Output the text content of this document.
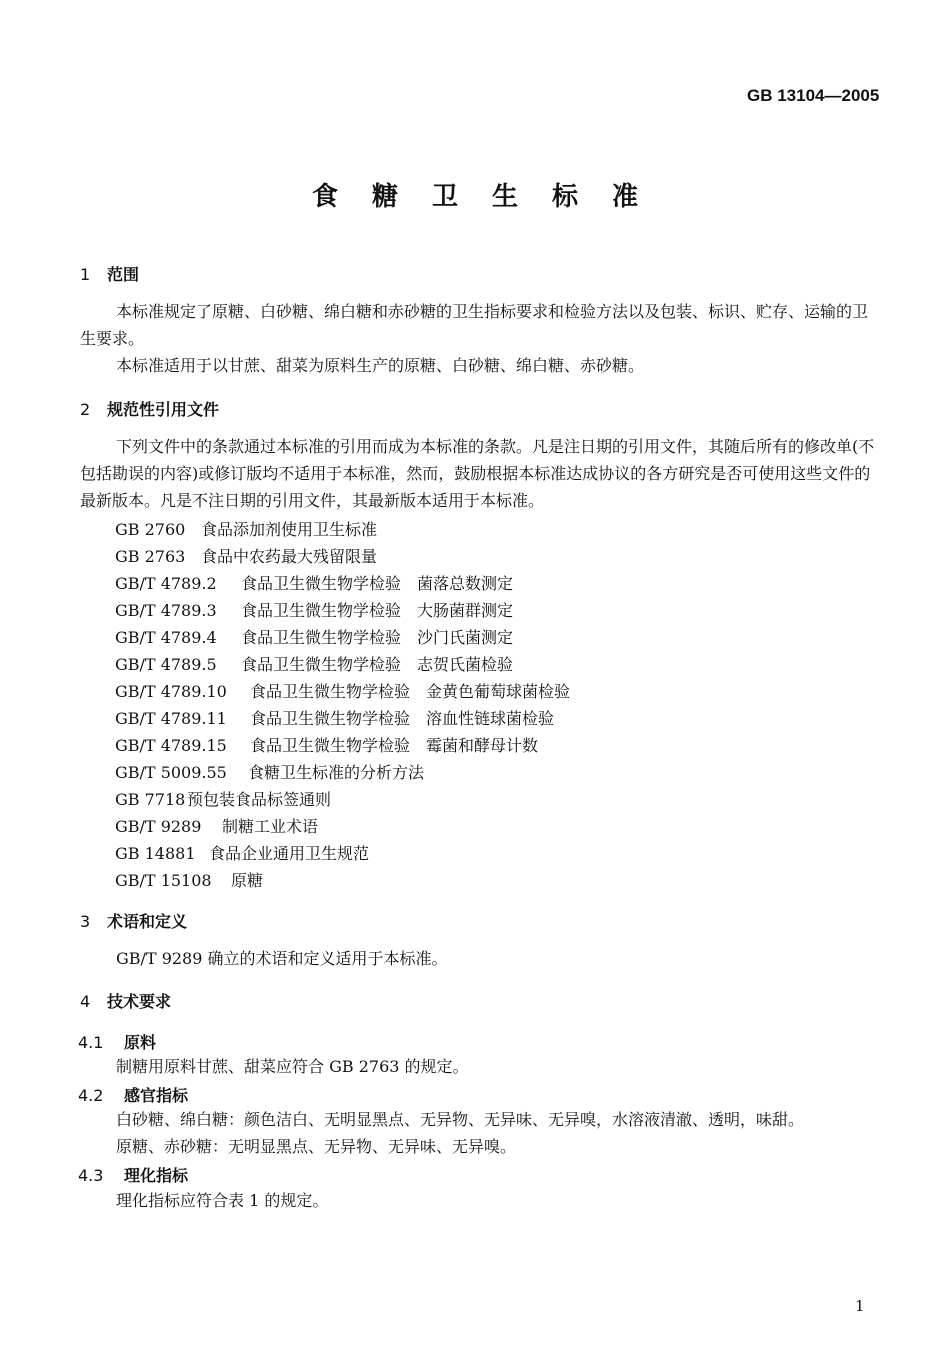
GB 13104—2005
食糖卫生标准
1 范围
本标准规定了原糖、白砂糖、绵白糖和赤砂糖的卫生指标要求和检验方法以及包装、标识、贮存、运输的卫生要求。
本标准适用于以甘蔗、甜菜为原料生产的原糖、白砂糖、绵白糖、赤砂糖。
2 规范性引用文件
下列文件中的条款通过本标准的引用而成为本标准的条款。凡是注日期的引用文件，其随后所有的修改单(不包括勘误的内容)或修订版均不适用于本标准，然而，鼓励根据本标准达成协议的各方研究是否可使用这些文件的最新版本。凡是不注日期的引用文件，其最新版本适用于本标准。
GB 2760 食品添加剂使用卫生标准
GB 2763 食品中农药最大残留限量
GB/T 4789.2 食品卫生微生物学检验　菌落总数测定
GB/T 4789.3 食品卫生微生物学检验　大肠菌群测定
GB/T 4789.4 食品卫生微生物学检验　沙门氏菌测定
GB/T 4789.5 食品卫生微生物学检验　志贺氏菌检验
GB/T 4789.10 食品卫生微生物学检验　金黄色葡萄球菌检验
GB/T 4789.11 食品卫生微生物学检验　溶血性链球菌检验
GB/T 4789.15 食品卫生微生物学检验　霉菌和酵母计数
GB/T 5009.55 食糖卫生标准的分析方法
GB 7718 预包装食品标签通则
GB/T 9289 制糖工业术语
GB 14881 食品企业通用卫生规范
GB/T 15108 原糖
3 术语和定义
GB/T 9289 确立的术语和定义适用于本标准。
4 技术要求
4.1 原料
制糖用原料甘蔗、甜菜应符合 GB 2763 的规定。
4.2 感官指标
白砂糖、绵白糖：颜色洁白、无明显黑点、无异物、无异味、无异嗅，水溶液清澈、透明，味甜。
原糖、赤砂糖：无明显黑点、无异物、无异味、无异嗅。
4.3 理化指标
理化指标应符合表 1 的规定。
1
